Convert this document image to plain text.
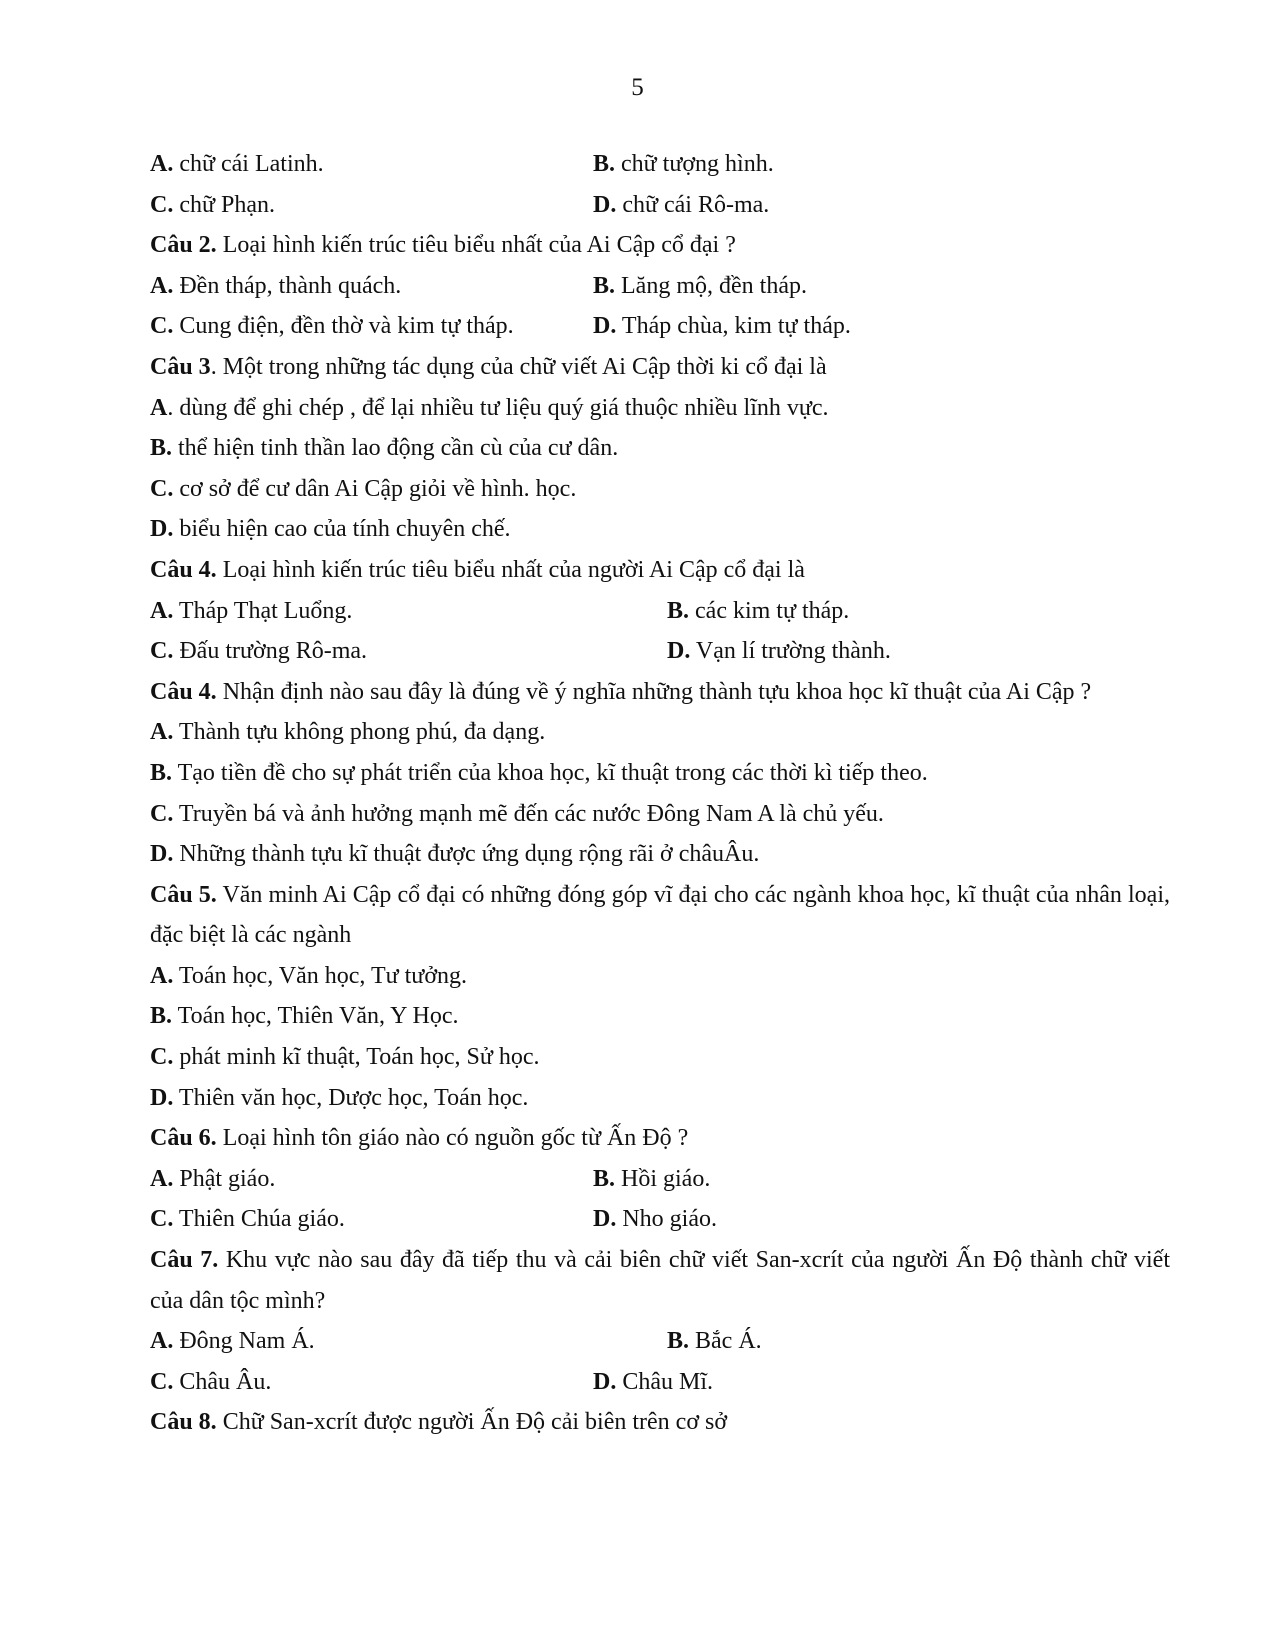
5
A. chữ cái Latinh.	B. chữ tượng hình.
C. chữ Phạn.	D. chữ cái Rô-ma.
Câu 2. Loại hình kiến trúc tiêu biểu nhất của Ai Cập cổ đại ?
A. Đền tháp, thành quách.	B. Lăng mộ, đền tháp.
C. Cung điện, đền thờ và kim tự tháp.	D. Tháp chùa, kim tự tháp.
Câu 3. Một trong những tác dụng của chữ viết Ai Cập thời ki cổ đại là
A. dùng để ghi chép , để lại nhiều tư liệu quý giá thuộc nhiều lĩnh vực.
B. thể hiện tinh thần lao động cần cù của cư dân.
C. cơ sở để cư dân Ai Cập giỏi về hình. học.
D. biểu hiện cao của tính chuyên chế.
Câu 4. Loại hình kiến trúc tiêu biểu nhất của người Ai Cập cổ đại là
A. Tháp Thạt Luổng.	B. các kim tự tháp.
C. Đấu trường Rô-ma.	D. Vạn lí trường thành.
Câu 4. Nhận định nào sau đây là đúng về ý nghĩa những thành tựu khoa học kĩ thuật của Ai Cập ?
A. Thành tựu không phong phú, đa dạng.
B. Tạo tiền đề cho sự phát triển của khoa học, kĩ thuật trong các thời kì tiếp theo.
C. Truyền bá và ảnh hưởng mạnh mẽ đến các nước Đông Nam A là chủ yếu.
D. Những thành tựu kĩ thuật được ứng dụng rộng rãi ở châuÂu.
Câu 5. Văn minh Ai Cập cổ đại có những đóng góp vĩ đại cho các ngành khoa học, kĩ thuật của nhân loại, đặc biệt là các ngành
A. Toán học, Văn học, Tư tưởng.
B. Toán học, Thiên Văn, Y Học.
C. phát minh kĩ thuật, Toán học, Sử học.
D. Thiên văn học, Dược học, Toán học.
Câu 6. Loại hình tôn giáo nào có nguồn gốc từ Ấn Độ ?
A. Phật giáo.	B. Hồi giáo.
C. Thiên Chúa giáo.	D. Nho giáo.
Câu 7. Khu vực nào sau đây đã tiếp thu và cải biên chữ viết San-xcrít của người Ấn Độ thành chữ viết của dân tộc mình?
A. Đông Nam Á.	B. Bắc Á.
C. Châu Âu.	D. Châu Mĩ.
Câu 8. Chữ San-xcrít được người Ấn Độ cải biên trên cơ sở
